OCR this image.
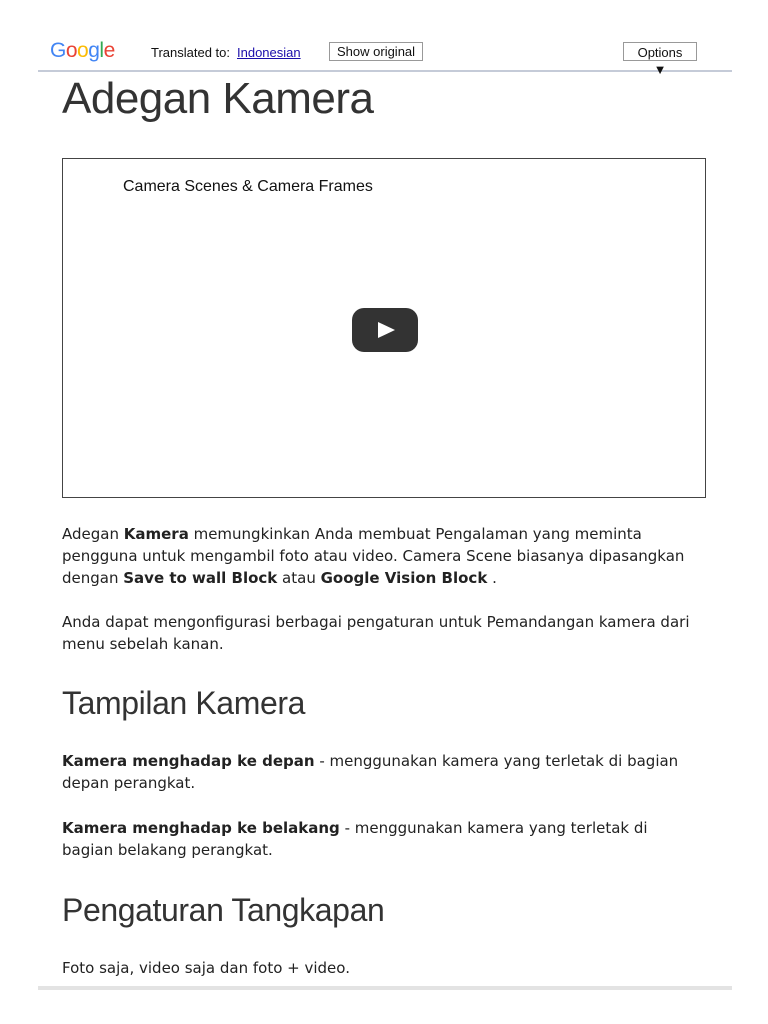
Google	Translated to: Indonesian	Show original	Options ▼
Adegan Kamera
Camera Scenes & Camera Frames

Adegan Kamera memungkinkan Anda membuat Pengalaman yang meminta pengguna untuk mengambil foto atau video. Camera Scene biasanya dipasangkan dengan Save to wall Block atau Google Vision Block .

Anda dapat mengonfigurasi berbagai pengaturan untuk Pemandangan kamera dari menu sebelah kanan.

Tampilan Kamera

Kamera menghadap ke depan - menggunakan kamera yang terletak di bagian depan perangkat.

Kamera menghadap ke belakang - menggunakan kamera yang terletak di bagian belakang perangkat.

Pengaturan Tangkapan

Foto saja, video saja dan foto + video.
